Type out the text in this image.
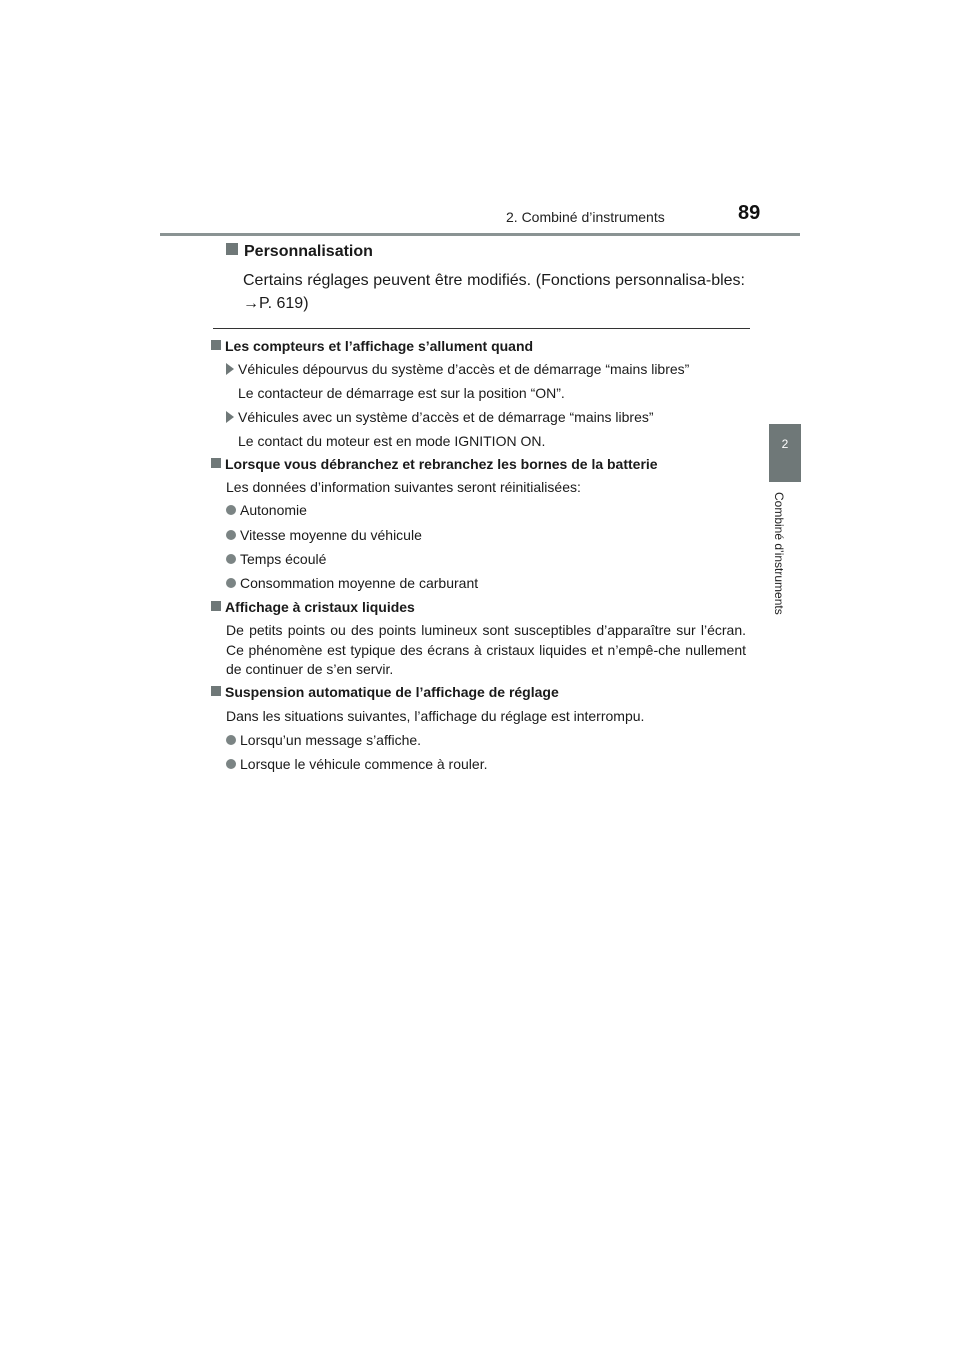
2. Combiné d’instruments	89
2
Combiné d’instruments
Personnalisation
Certains réglages peuvent être modifiés. (Fonctions personnalisa-bles: →P. 619)
Les compteurs et l’affichage s’allument quand
Véhicules dépourvus du système d’accès et de démarrage “mains libres”
Le contacteur de démarrage est sur la position “ON”.
Véhicules avec un système d’accès et de démarrage “mains libres”
Le contact du moteur est en mode IGNITION ON.
Lorsque vous débranchez et rebranchez les bornes de la batterie
Les données d’information suivantes seront réinitialisées:
Autonomie
Vitesse moyenne du véhicule
Temps écoulé
Consommation moyenne de carburant
Affichage à cristaux liquides
De petits points ou des points lumineux sont susceptibles d’apparaître sur l’écran. Ce phénomène est typique des écrans à cristaux liquides et n’empê-che nullement de continuer de s’en servir.
Suspension automatique de l’affichage de réglage
Dans les situations suivantes, l’affichage du réglage est interrompu.
Lorsqu’un message s’affiche.
Lorsque le véhicule commence à rouler.
